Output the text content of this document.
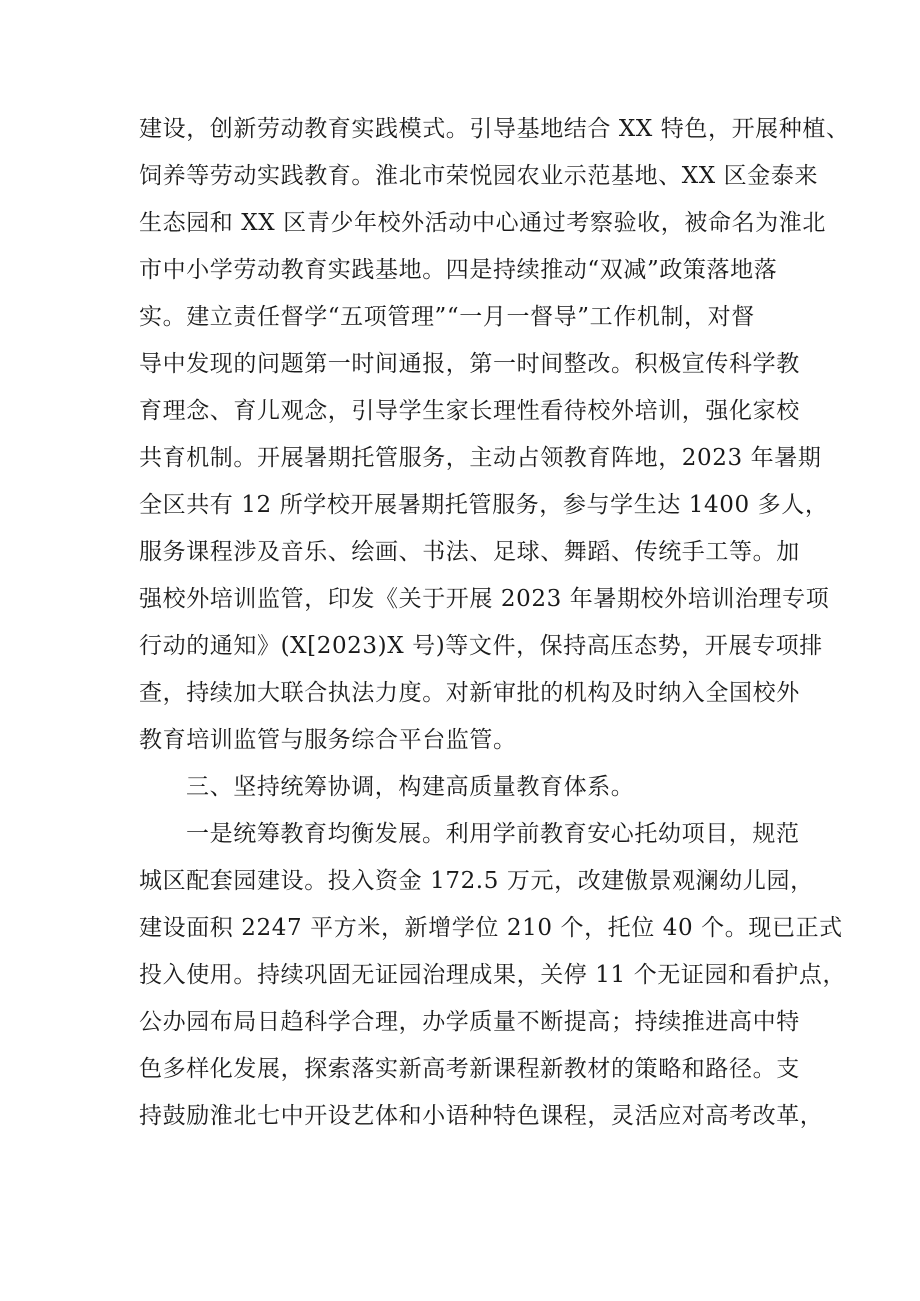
建设，创新劳动教育实践模式。引导基地结合 XX 特色，开展种植、
饲养等劳动实践教育。淮北市荣悦园农业示范基地、XX 区金泰来
生态园和 XX 区青少年校外活动中心通过考察验收，被命名为淮北
市中小学劳动教育实践基地。四是持续推动“双减”政策落地落
实。建立责任督学“五项管理”“一月一督导”工作机制，对督
导中发现的问题第一时间通报，第一时间整改。积极宣传科学教
育理念、育儿观念，引导学生家长理性看待校外培训，强化家校
共育机制。开展暑期托管服务，主动占领教育阵地，2023 年暑期
全区共有 12 所学校开展暑期托管服务，参与学生达 1400 多人，
服务课程涉及音乐、绘画、书法、足球、舞蹈、传统手工等。加
强校外培训监管，印发《关于开展 2023 年暑期校外培训治理专项
行动的通知》(X[2023)X 号)等文件，保持高压态势，开展专项排
查，持续加大联合执法力度。对新审批的机构及时纳入全国校外
教育培训监管与服务综合平台监管。
三、坚持统筹协调，构建高质量教育体系。
一是统筹教育均衡发展。利用学前教育安心托幼项目，规范
城区配套园建设。投入资金 172.5 万元，改建傲景观澜幼儿园，
建设面积 2247 平方米，新增学位 210 个，托位 40 个。现已正式
投入使用。持续巩固无证园治理成果，关停 11 个无证园和看护点，
公办园布局日趋科学合理，办学质量不断提高；持续推进高中特
色多样化发展，探索落实新高考新课程新教材的策略和路径。支
持鼓励淮北七中开设艺体和小语种特色课程，灵活应对高考改革，
